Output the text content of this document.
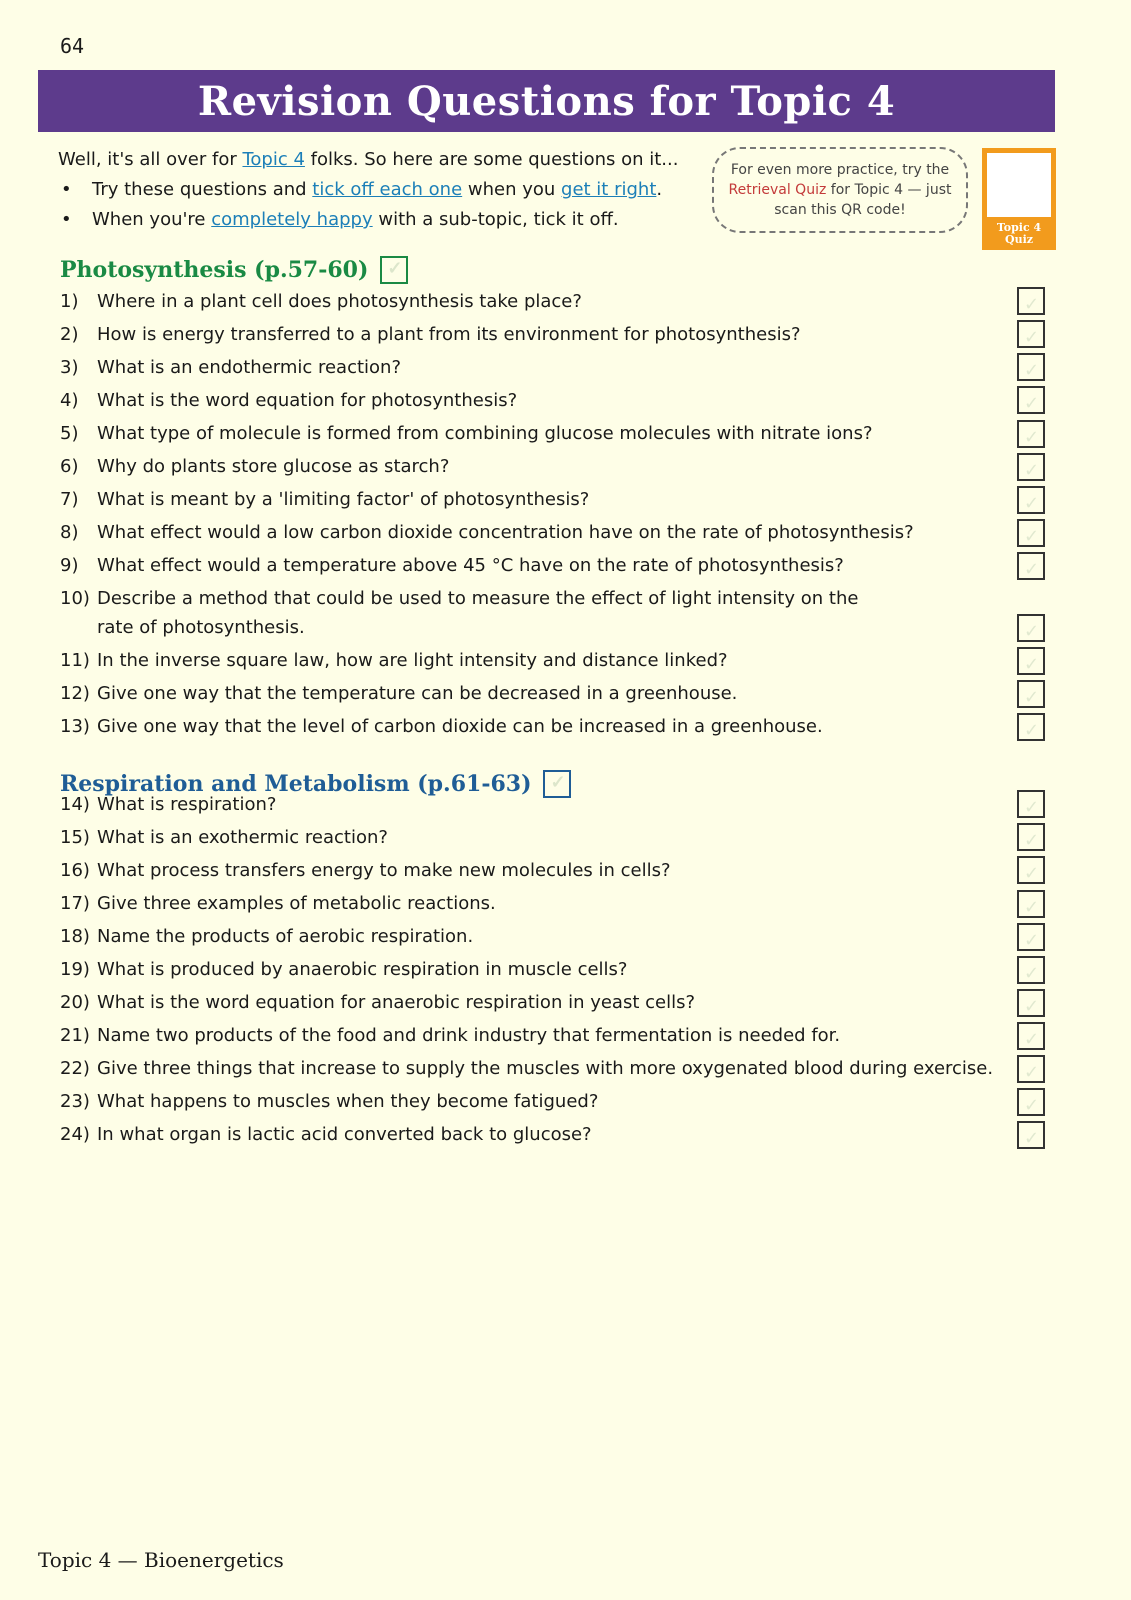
64
Revision Questions for Topic 4
Well, it's all over for Topic 4 folks. So here are some questions on it...
• Try these questions and tick off each one when you get it right.
• When you're completely happy with a sub-topic, tick it off.
For even more practice, try the
Retrieval Quiz for Topic 4 — just
scan this QR code!
Topic 4
Quiz
Photosynthesis (p.57-60)
✓
Respiration and Metabolism (p.61-63)
✓
1)	Where in a plant cell does photosynthesis take place?
✓
2)	How is energy transferred to a plant from its environment for photosynthesis?
✓
3)	What is an endothermic reaction?
✓
4)	What is the word equation for photosynthesis?
✓
5)	What type of molecule is formed from combining glucose molecules with nitrate ions?
✓
6)	Why do plants store glucose as starch?
✓
7)	What is meant by a 'limiting factor' of photosynthesis?
✓
8)	What effect would a low carbon dioxide concentration have on the rate of photosynthesis?
✓
9)	What effect would a temperature above 45 °C have on the rate of photosynthesis?
✓
10) Describe a method that could be used to measure the effect of light intensity on the
rate of photosynthesis.
✓
11) In the inverse square law, how are light intensity and distance linked?
✓
12) Give one way that the temperature can be decreased in a greenhouse.
✓
13) Give one way that the level of carbon dioxide can be increased in a greenhouse.
✓
14) What is respiration?
✓
15) What is an exothermic reaction?
✓
16) What process transfers energy to make new molecules in cells?
✓
17) Give three examples of metabolic reactions.
✓
18) Name the products of aerobic respiration.
✓
19) What is produced by anaerobic respiration in muscle cells?
✓
20) What is the word equation for anaerobic respiration in yeast cells?
✓
21) Name two products of the food and drink industry that fermentation is needed for.
✓
22) Give three things that increase to supply the muscles with more oxygenated blood during exercise.
✓
23) What happens to muscles when they become fatigued?
✓
24) In what organ is lactic acid converted back to glucose?
✓
Topic 4 — Bioenergetics
